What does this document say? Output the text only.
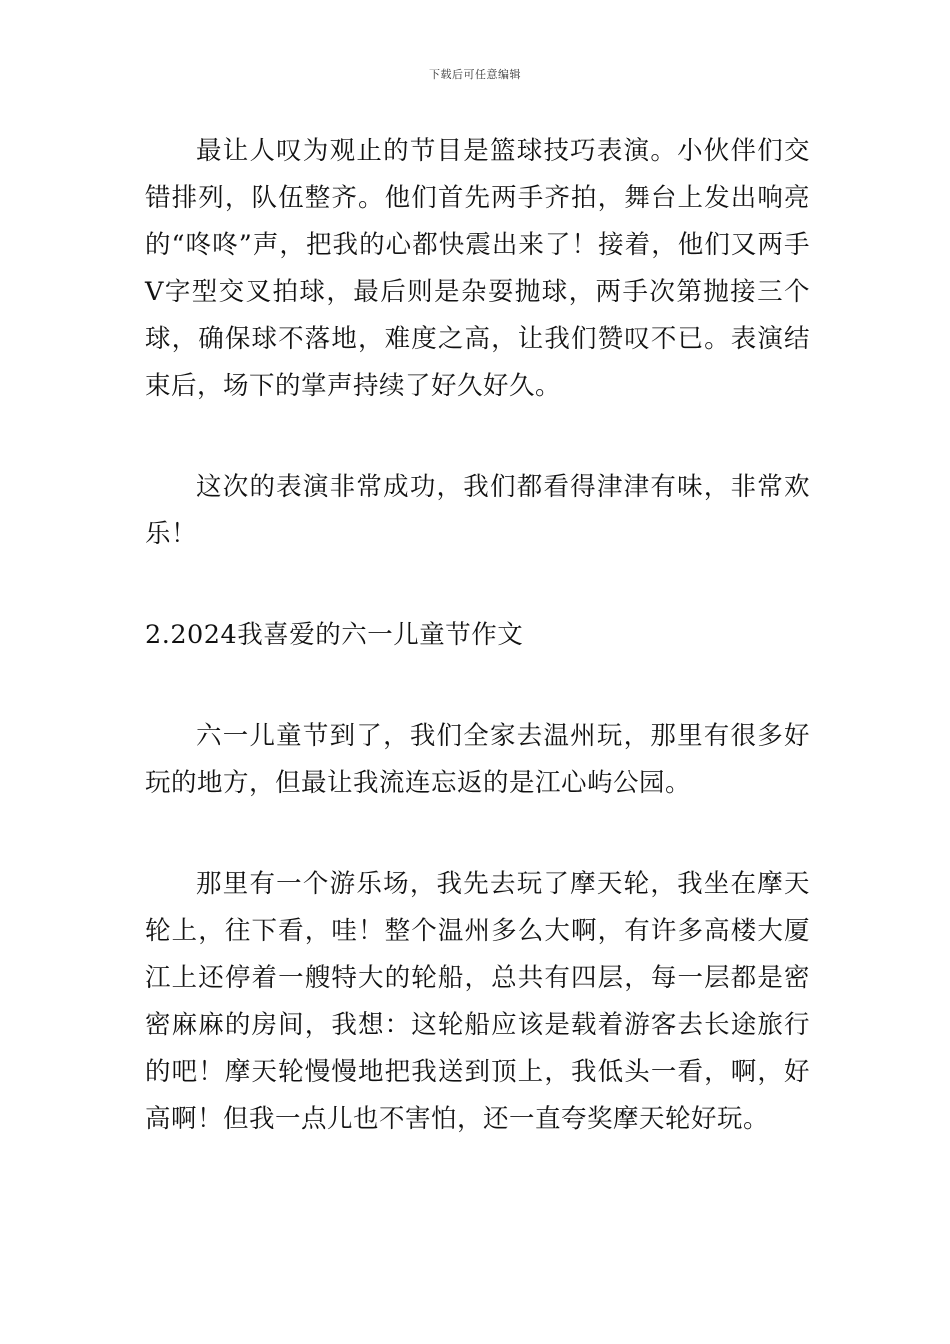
下载后可任意编辑

最让人叹为观止的节目是篮球技巧表演。小伙伴们交错排列，队伍整齐。他们首先两手齐拍，舞台上发出响亮的“咚咚”声，把我的心都快震出来了！接着，他们又两手V字型交叉拍球，最后则是杂耍抛球，两手次第抛接三个球，确保球不落地，难度之高，让我们赞叹不已。表演结束后，场下的掌声持续了好久好久。

这次的表演非常成功，我们都看得津津有味，非常欢乐！

2.2024我喜爱的六一儿童节作文

六一儿童节到了，我们全家去温州玩，那里有很多好玩的地方，但最让我流连忘返的是江心屿公园。

那里有一个游乐场，我先去玩了摩天轮，我坐在摩天轮上，往下看，哇！整个温州多么大啊，有许多高楼大厦江上还停着一艘特大的轮船，总共有四层，每一层都是密密麻麻的房间，我想：这轮船应该是载着游客去长途旅行的吧！摩天轮慢慢地把我送到顶上，我低头一看，啊，好高啊！但我一点儿也不害怕，还一直夸奖摩天轮好玩。
